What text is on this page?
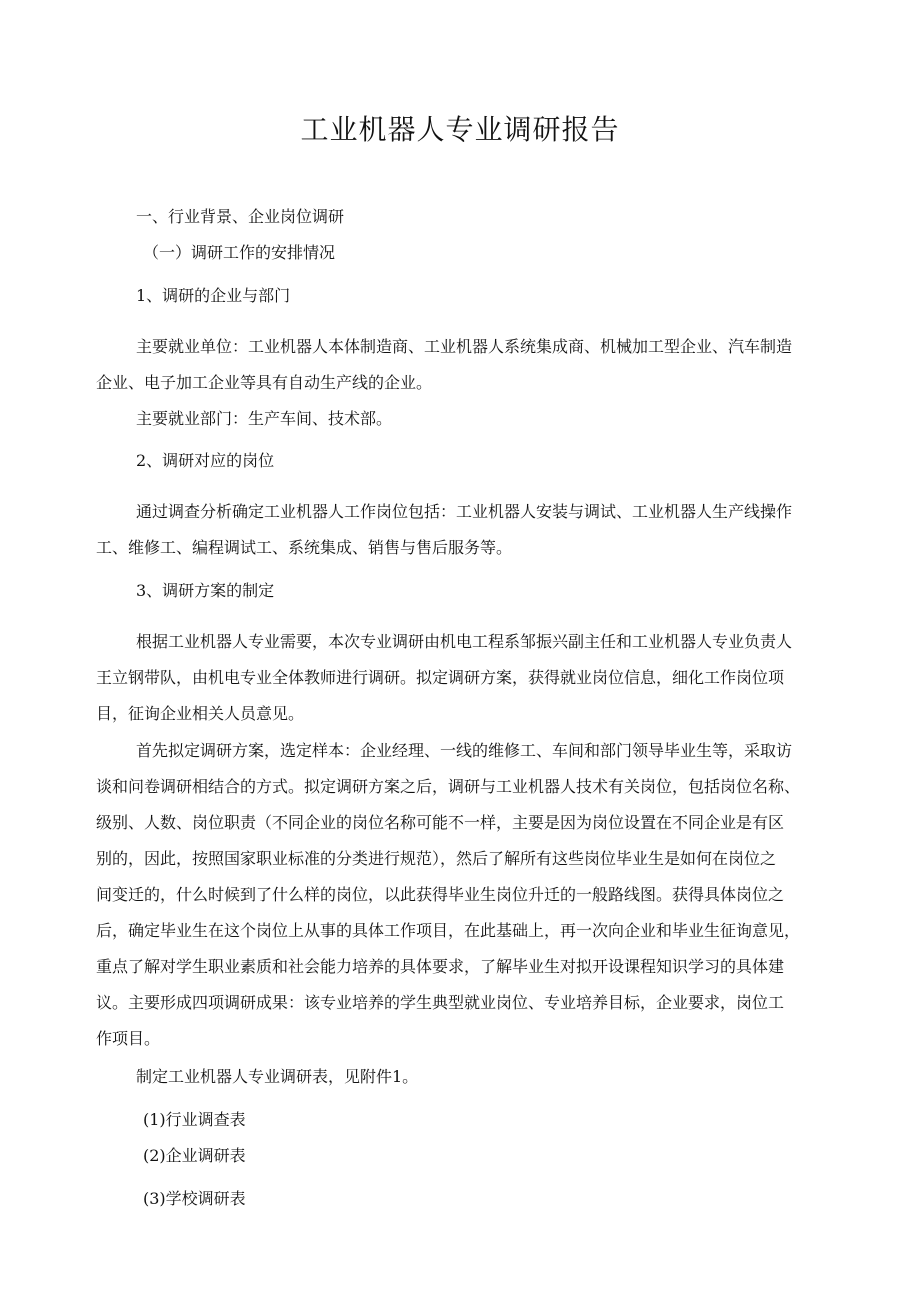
工业机器人专业调研报告
一、行业背景、企业岗位调研
（一）调研工作的安排情况
1、调研的企业与部门
主要就业单位：工业机器人本体制造商、工业机器人系统集成商、机械加工型企业、汽车制造
企业、电子加工企业等具有自动生产线的企业。
主要就业部门：生产车间、技术部。
2、调研对应的岗位
通过调查分析确定工业机器人工作岗位包括：工业机器人安装与调试、工业机器人生产线操作
工、维修工、编程调试工、系统集成、销售与售后服务等。
3、调研方案的制定
根据工业机器人专业需要，本次专业调研由机电工程系邹振兴副主任和工业机器人专业负责人
王立钢带队，由机电专业全体教师进行调研。拟定调研方案，获得就业岗位信息，细化工作岗位项
目，征询企业相关人员意见。
首先拟定调研方案，选定样本：企业经理、一线的维修工、车间和部门领导毕业生等，采取访
谈和问卷调研相结合的方式。拟定调研方案之后，调研与工业机器人技术有关岗位，包括岗位名称、
级别、人数、岗位职责（不同企业的岗位名称可能不一样，主要是因为岗位设置在不同企业是有区
别的，因此，按照国家职业标准的分类进行规范），然后了解所有这些岗位毕业生是如何在岗位之
间变迁的，什么时候到了什么样的岗位，以此获得毕业生岗位升迁的一般路线图。获得具体岗位之
后，确定毕业生在这个岗位上从事的具体工作项目，在此基础上，再一次向企业和毕业生征询意见，
重点了解对学生职业素质和社会能力培养的具体要求，了解毕业生对拟开设课程知识学习的具体建
议。主要形成四项调研成果：该专业培养的学生典型就业岗位、专业培养目标，企业要求，岗位工
作项目。
制定工业机器人专业调研表，见附件1。
(1)行业调查表
(2)企业调研表
(3)学校调研表
